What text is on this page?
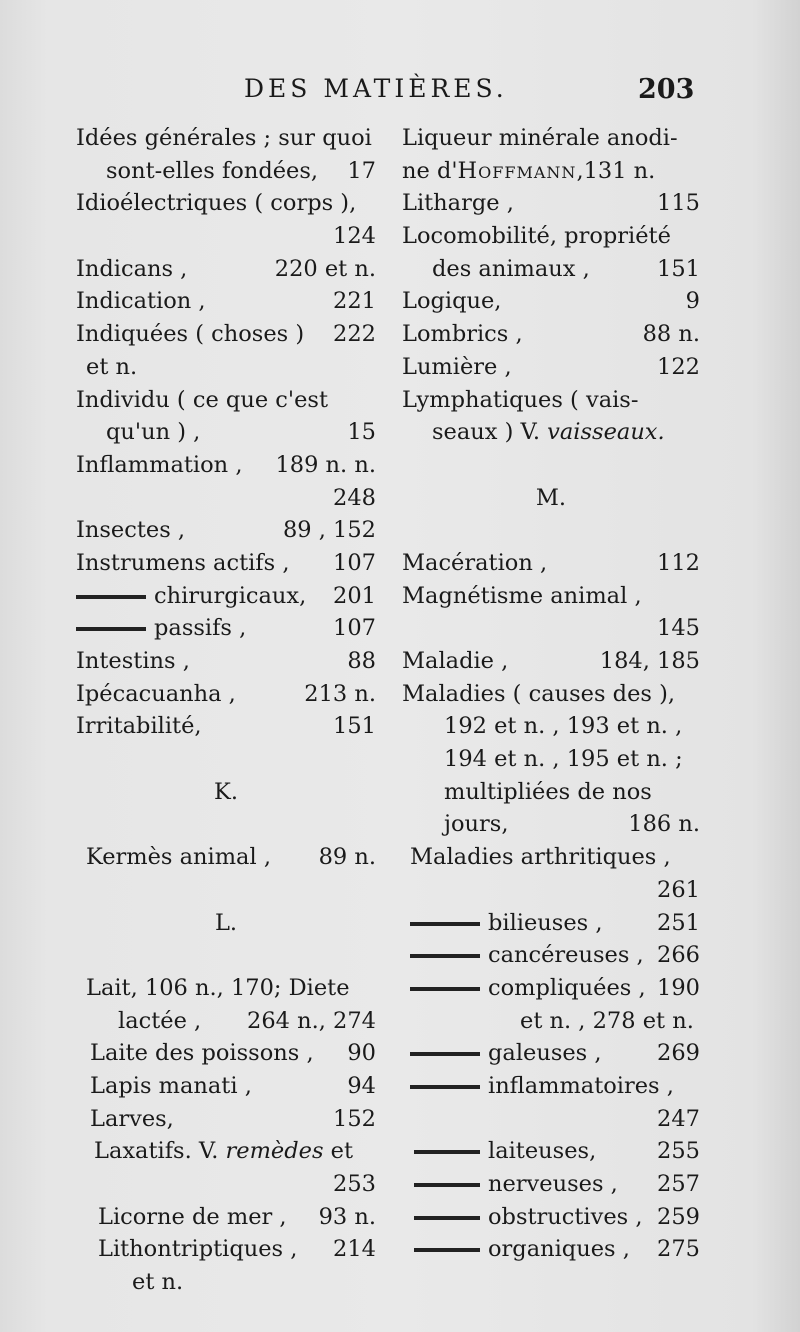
DES MATIÈRES.	203
Idées générales ; sur quoi
sont-elles fondées, 17
Idioélectriques ( corps ),
124
Indicans ,	220 et n.
Indication ,	221
Indiquées ( choses ) 222
et n.
Individu ( ce que c'est
qu'un ) ,	15
Inflammation , 189 n. n.
248
Insectes ,	89 , 152
Instrumens actifs , 107
chirurgicaux, 201
passifs ,	107
Intestins ,	88
Ipécacuanha ,	213 n.
Irritabilité,	151
K.
Kermès animal , 89 n.
L.
Lait, 106 n., 170; Diete
lactée , 264 n., 274
Laite des poissons , 90
Lapis manati ,	94
Larves,	152
Laxatifs. V. remèdes et
253
Licorne de mer , 93 n.
Lithontriptiques , 214
et n.
Liqueur minérale anodi-
ne d'Hoffmann,131 n.
Litharge ,	115
Locomobilité, propriété
des animaux ,	151
Logique,	9
Lombrics ,	88 n.
Lumière ,	122
Lymphatiques ( vais-
seaux ) V. vaisseaux.
M.
Macération ,	112
Magnétisme animal ,
145
Maladie ,	184, 185
Maladies ( causes des ),
192 et n. , 193 et n. ,
194 et n. , 195 et n. ;
multipliées de nos
jours,	186 n.
Maladies arthritiques ,
261
bilieuses , 251
cancéreuses , 266
compliquées , 190
et n. , 278 et n.
galeuses , 269
inflammatoires ,
247
laiteuses,	255
nerveuses , 257
obstructives , 259
organiques , 275
